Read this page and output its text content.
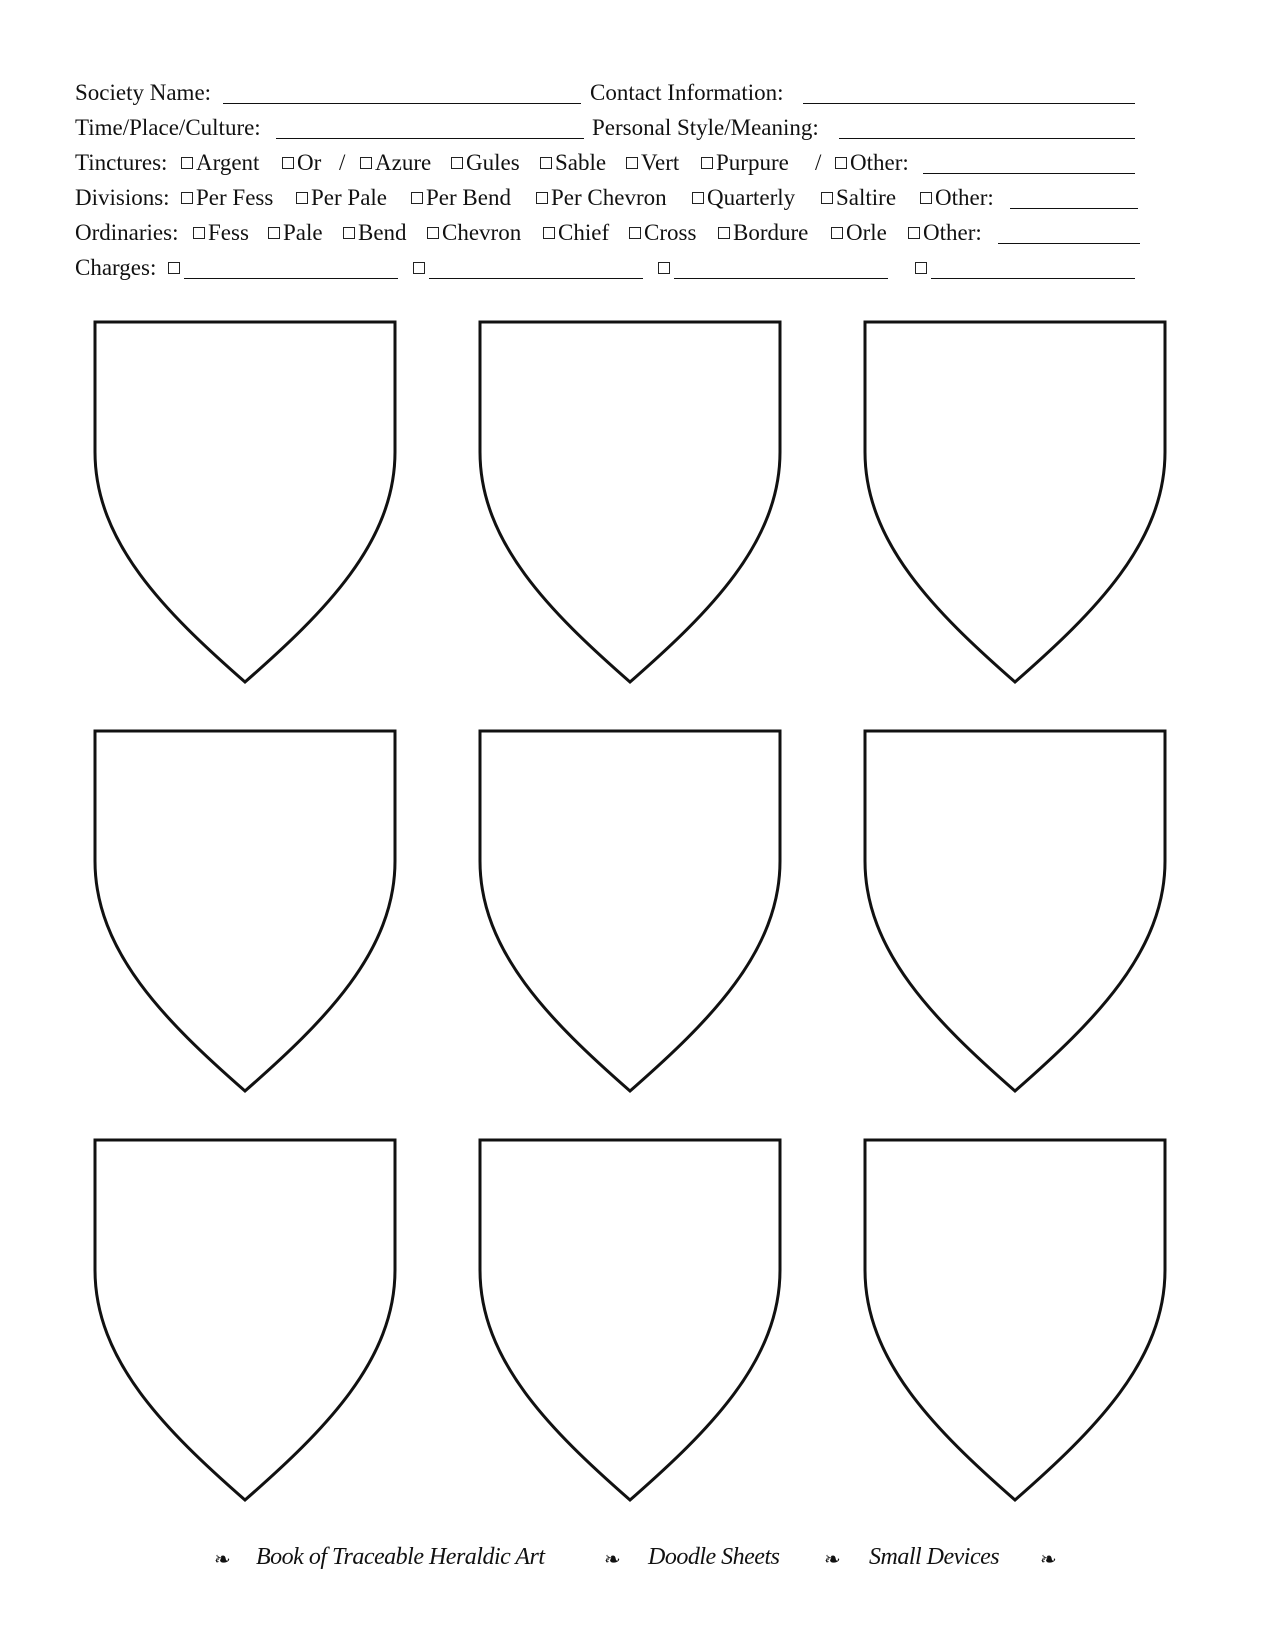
Society Name:	Contact Information:
Time/Place/Culture:	Personal Style/Meaning:
Tinctures:	Argent	Or /	Azure	Gules	Sable	Vert	Purpure /	Other:
Divisions:	Per Fess	Per Pale	Per Bend	Per Chevron	Quarterly	Saltire	Other:
Ordinaries:	Fess	Pale	Bend	Chevron	Chief	Cross	Bordure	Orle	Other:
Charges:
❧ Book of Traceable Heraldic Art	❧ Doodle Sheets ❧ Small Devices ❧
